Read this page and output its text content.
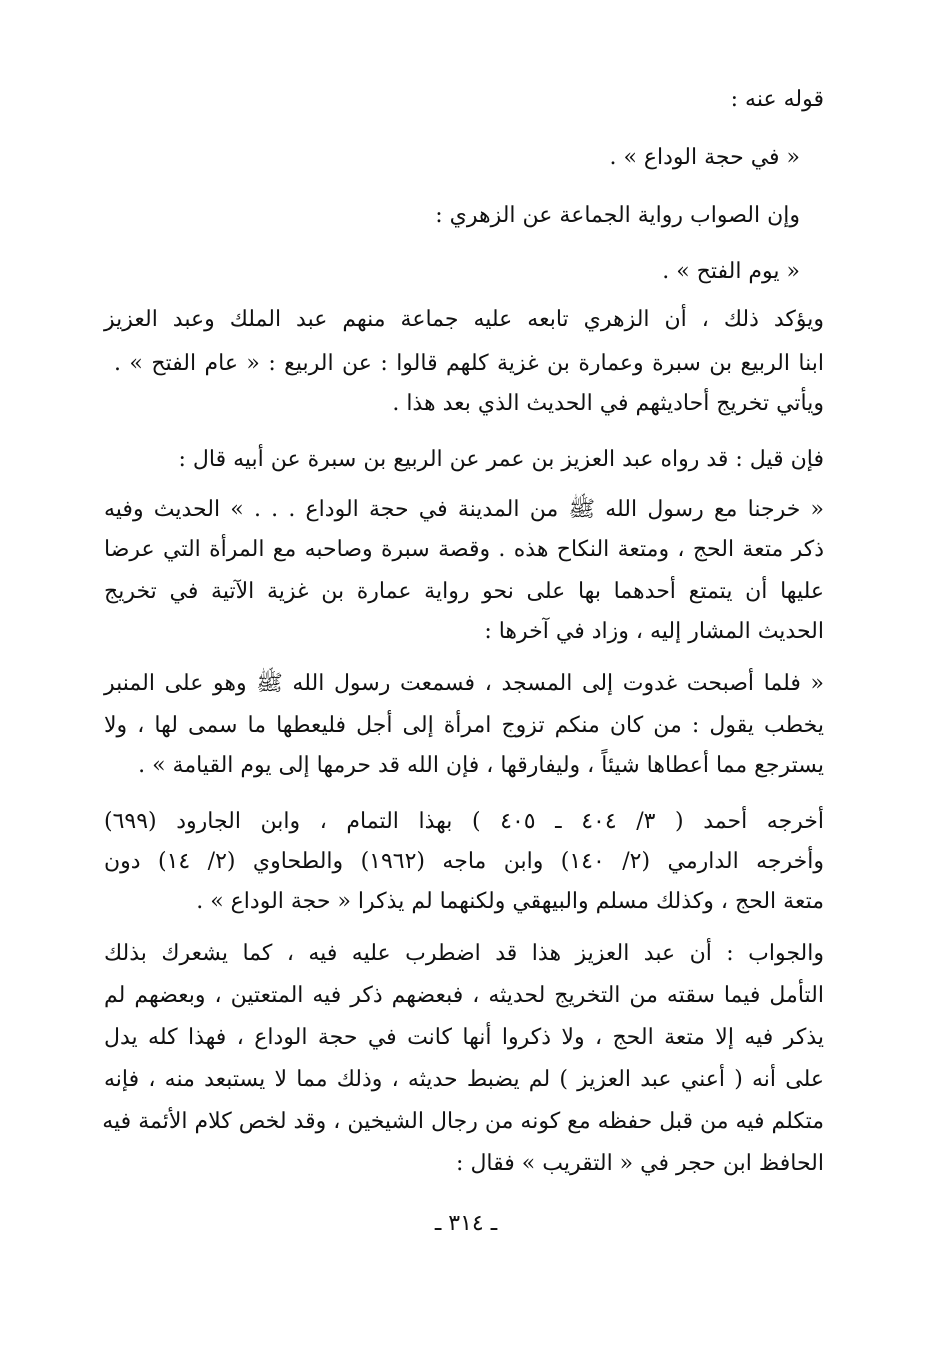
قوله عنه :
« في حجة الوداع » .
وإن الصواب رواية الجماعة عن الزهري :
« يوم الفتح » .
ويؤكد ذلك ، أن الزهري تابعه عليه جماعة منهم عبد الملك وعبد العزيز
ابنا الربيع بن سبرة وعمارة بن غزية كلهم قالوا : عن الربيع : « عام الفتح » .
ويأتي تخريج أحاديثهم في الحديث الذي بعد هذا .
فإن قيل : قد رواه عبد العزيز بن عمر عن الربيع بن سبرة عن أبيه قال :
« خرجنا مع رسول الله ﷺ من المدينة في حجة الوداع . . . » الحديث وفيه
ذكر متعة الحج ، ومتعة النكاح هذه . وقصة سبرة وصاحبه مع المرأة التي عرضا
عليها أن يتمتع أحدهما بها على نحو رواية عمارة بن غزية الآتية في تخريج
الحديث المشار إليه ، وزاد في آخرها :
« فلما أصبحت غدوت إلى المسجد ، فسمعت رسول الله ﷺ وهو على المنبر
يخطب يقول : من كان منكم تزوج امرأة إلى أجل فليعطها ما سمى لها ، ولا
يسترجع مما أعطاها شيئاً ، وليفارقها ، فإن الله قد حرمها إلى يوم القيامة » .
أخرجه أحمد ( ٣/ ٤٠٤ ـ ٤٠٥ ) بهذا التمام ، وابن الجارود (٦٩٩)
وأخرجه الدارمي (٢/ ١٤٠) وابن ماجه (١٩٦٢) والطحاوي (٢/ ١٤) دون
متعة الحج ، وكذلك مسلم والبيهقي ولكنهما لم يذكرا « حجة الوداع » .
والجواب : أن عبد العزيز هذا قد اضطرب عليه فيه ، كما يشعرك بذلك
التأمل فيما سقته من التخريج لحديثه ، فبعضهم ذكر فيه المتعتين ، وبعضهم لم
يذكر فيه إلا متعة الحج ، ولا ذكروا أنها كانت في حجة الوداع ، فهذا كله يدل
على أنه ( أعني عبد العزيز ) لم يضبط حديثه ، وذلك مما لا يستبعد منه ، فإنه
متكلم فيه من قبل حفظه مع كونه من رجال الشيخين ، وقد لخص كلام الأئمة فيه
الحافظ ابن حجر في « التقريب » فقال :
ـ ٣١٤ ـ
